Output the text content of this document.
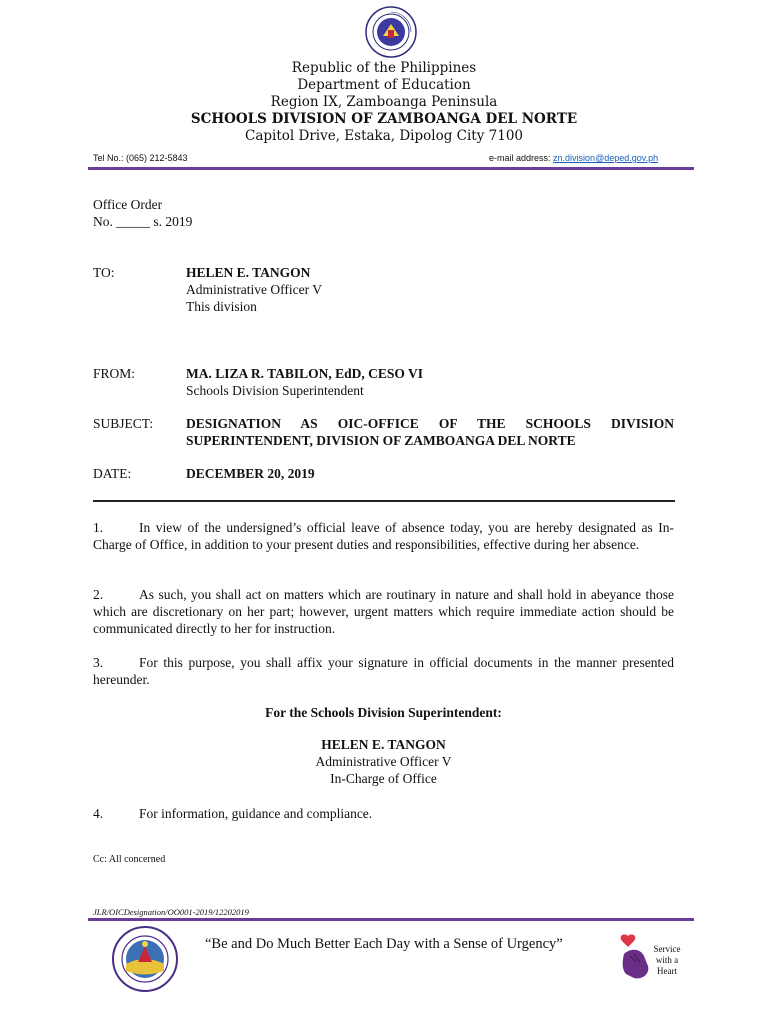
Republic of the Philippines
Department of Education
Region IX, Zamboanga Peninsula
SCHOOLS DIVISION OF ZAMBOANGA DEL NORTE
Capitol Drive, Estaka, Dipolog City 7100
Tel No.: (065) 212-5843	e-mail address: zn.division@deped.gov.ph
Office Order
No. _____ s. 2019
TO:	HELEN E. TANGON
Administrative Officer V
This division
FROM:	MA. LIZA R. TABILON, EdD, CESO VI
Schools Division Superintendent
SUBJECT: DESIGNATION AS OIC-OFFICE OF THE SCHOOLS DIVISION
SUPERINTENDENT, DIVISION OF ZAMBOANGA DEL NORTE
DATE:	DECEMBER 20, 2019
1.	In view of the undersigned’s official leave of absence today, you are hereby designated as In-Charge of Office, in addition to your present duties and responsibilities, effective during her absence.
2.	As such, you shall act on matters which are routinary in nature and shall hold in abeyance those which are discretionary on her part; however, urgent matters which require immediate action should be communicated directly to her for instruction.
3.	For this purpose, you shall affix your signature in official documents in the manner presented hereunder.
For the Schools Division Superintendent:
HELEN E. TANGON
Administrative Officer V
In-Charge of Office
4.	For information, guidance and compliance.
Cc: All concerned
JLR/OICDesignation/OO001-2019/12202019
“Be and Do Much Better Each Day with a Sense of Urgency”	Service
with a
Heart
